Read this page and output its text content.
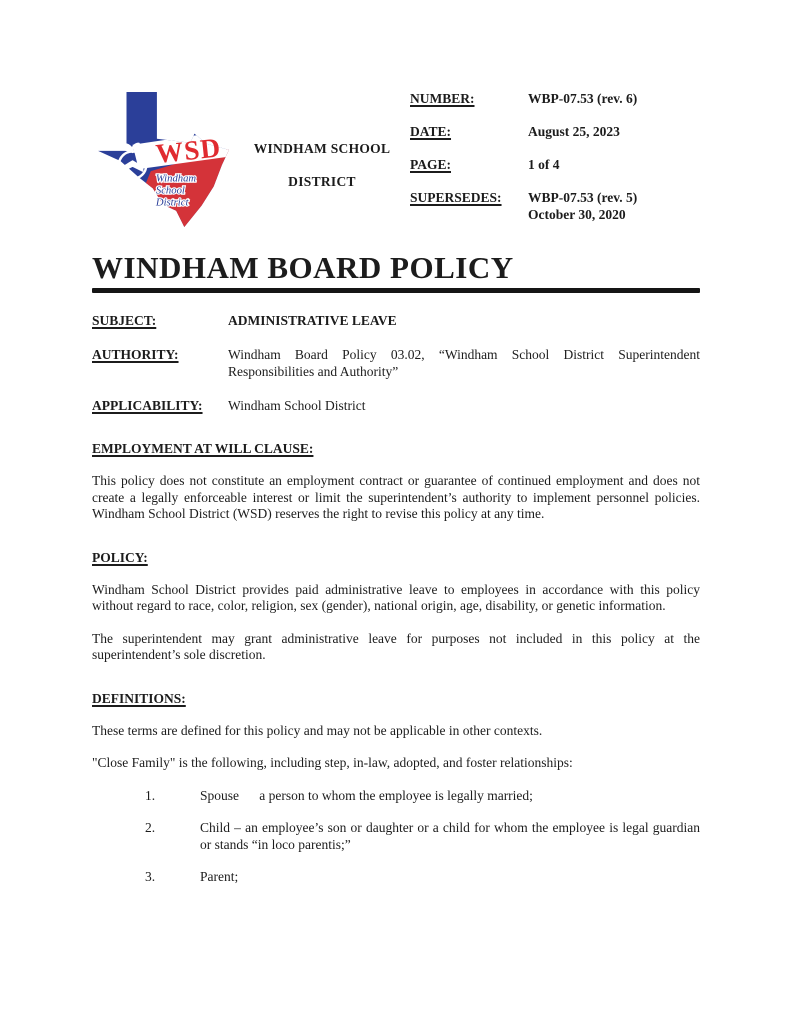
WSD
Windham
School
District
WINDHAM SCHOOL
DISTRICT
NUMBER:	WBP-07.53 (rev. 6)
DATE:	August 25, 2023
PAGE:	1 of 4
SUPERSEDES:	WBP-07.53 (rev. 5)
October 30, 2020
WINDHAM BOARD POLICY
SUBJECT:	ADMINISTRATIVE LEAVE
AUTHORITY:	Windham Board Policy 03.02, “Windham School District Superintendent Responsibilities and Authority”
APPLICABILITY:	Windham School District
EMPLOYMENT AT WILL CLAUSE:

This policy does not constitute an employment contract or guarantee of continued employment and does not create a legally enforceable interest or limit the superintendent’s authority to implement personnel policies. Windham School District (WSD) reserves the right to revise this policy at any time.

POLICY:

Windham School District provides paid administrative leave to employees in accordance with this policy without regard to race, color, religion, sex (gender), national origin, age, disability, or genetic information.

The superintendent may grant administrative leave for purposes not included in this policy at the superintendent’s sole discretion.

DEFINITIONS:

These terms are defined for this policy and may not be applicable in other contexts.

"Close Family" is the following, including step, in-law, adopted, and foster relationships:

1.	Spouse      a person to whom the employee is legally married;
2.	Child – an employee’s son or daughter or a child for whom the employee is legal guardian or stands “in loco parentis;”
3.	Parent;
